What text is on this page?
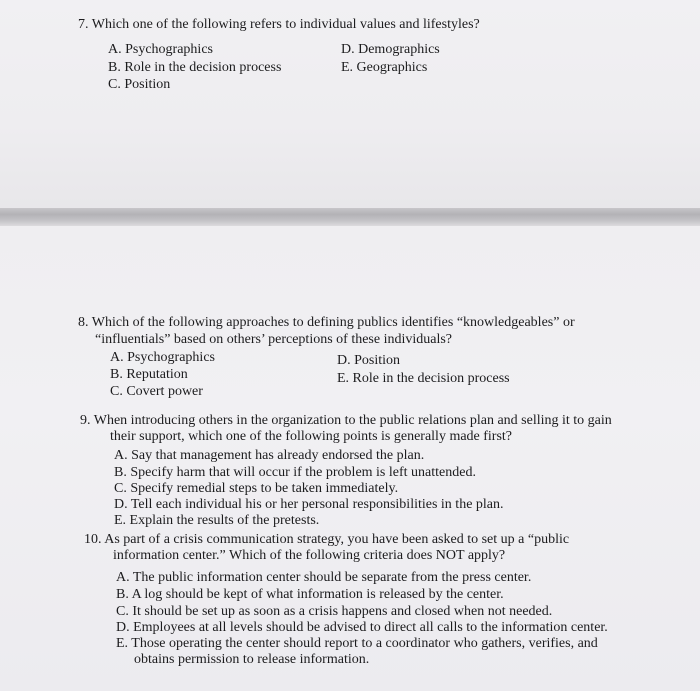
7. Which one of the following refers to individual values and lifestyles?
A. Psychographics
B. Role in the decision process
C. Position
D. Demographics
E. Geographics
8. Which of the following approaches to defining publics identifies “knowledgeables” or
“influentials” based on others’ perceptions of these individuals?
A. Psychographics
B. Reputation
C. Covert power
D. Position
E. Role in the decision process
9. When introducing others in the organization to the public relations plan and selling it to gain
their support, which one of the following points is generally made first?
A. Say that management has already endorsed the plan.
B. Specify harm that will occur if the problem is left unattended.
C. Specify remedial steps to be taken immediately.
D. Tell each individual his or her personal responsibilities in the plan.
E. Explain the results of the pretests.
10. As part of a crisis communication strategy, you have been asked to set up a “public
information center.” Which of the following criteria does NOT apply?
A. The public information center should be separate from the press center.
B. A log should be kept of what information is released by the center.
C. It should be set up as soon as a crisis happens and closed when not needed.
D. Employees at all levels should be advised to direct all calls to the information center.
E. Those operating the center should report to a coordinator who gathers, verifies, and
obtains permission to release information.
